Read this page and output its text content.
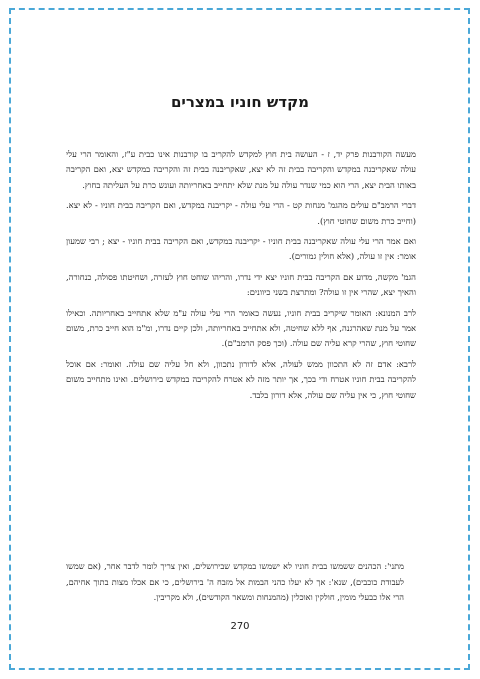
מקדש חוניו במצרים

מעשה הקורבנות פרק יד, ז - העושה בית חוץ למקדש להקריב בו קורבנות אינו כבית ע"ז, והאומר הרי עלי עולה שאקריבנה במקדש והקריבה בבית זה לא יצא, שאקריבנה בבית זה והקריבה במקדש יצא, ואם הקריבה באותו הבית יצא, הרי הוא כמי שנדר עולה על מנת שלא יתחייב באחריותה ועונש כרת על העליתה בחוץ.

דברי הרמב"ם עולים מהגמ' מנחות קט - הרי עלי עולה - יקריבנה במקדש, ואם הקריבה בבית חוניו - לא יצא. (וחייב כרת משום שחוטי חוץ).

ואם אמר הרי עלי עולה שאקריבנה בבית חוניו - יקריבנה במקדש, ואם הקריבה בבית חוניו - יצא ; רבי שמעון אומר: אין זו עולה, (אלא חולין גמורים).

הגמ' מקשה, מדוע אם הקריבה בבית חוניו יצא ידי נדרו, והריהו שוחט חוץ לעזרה, ושחיטתו פסולה, כנחורה, והאיך יצא, שהרי אין זו עולה? ומתרצת בשני כיוונים:

לרב המנונא: האומר שיקריב בבית חוניו, נעשה כאומר הרי עלי עולה ע"מ שלא אתחייב באחריותה. וכאילו אמר על מנת שאהרגנה, אף ללא שחיטה, ולא אתחייב באחריותה, ולכן קיים נדרו, ומ"מ הוא חייב כרת, משום שחוטי חוץ, שהרי קרא עליה שם עולה. (וכך פסק הרמב"ם).

לרבא: אדם זה לא התכוון ממש לעולה, אלא לדורון נתכוון, ולא חל עליה שם עולה. ואומר: אם אוכל להקריבה בבית חוניו אטרח ודי בכך, אך יותר מזה לא אטרח להקריבה במקדש בירושלים. ואינו מתחייב משום שחוטי חוץ, כי אין עליה שם עולה, אלא דורון בלבד.

מתני': הכהנים ששמשו בבית חוניו לא ישמשו במקדש שבירושלים, ואין צריך לומר לדבר אחר, (אם שמשו לעבודת כוכבים), שנא': אך לא יעלו כהני הבמות אל מזבח ה' בירושלים, כי אם אכלו מצות בתוך אחיהם, הרי אלו כבעלי מומין, חולקין ואוכלין (מהמנחות ומשאר הקודשים), ולא מקריבין.

270
